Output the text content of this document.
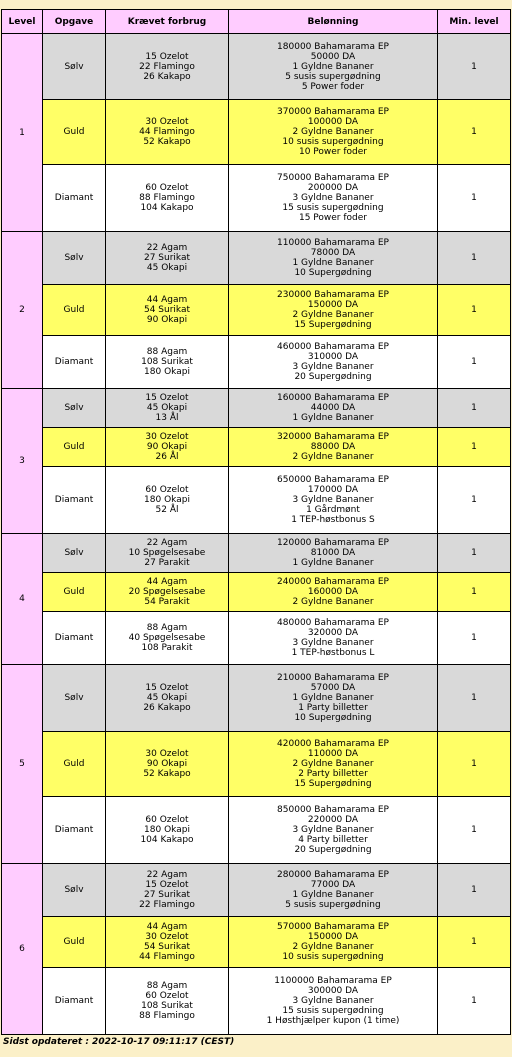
Level	Opgave	Krævet forbrug	Belønning	Min. level
1	Sølv	15 Ozelot
22 Flamingo
26 Kakapo	180000 Bahamarama EP
50000 DA
1 Gyldne Bananer
5 susis supergødning
5 Power foder	1
	Guld	30 Ozelot
44 Flamingo
52 Kakapo	370000 Bahamarama EP
100000 DA
2 Gyldne Bananer
10 susis supergødning
10 Power foder	1
	Diamant	60 Ozelot
88 Flamingo
104 Kakapo	750000 Bahamarama EP
200000 DA
3 Gyldne Bananer
15 susis supergødning
15 Power foder	1
2	Sølv	22 Agam
27 Surikat
45 Okapi	110000 Bahamarama EP
78000 DA
1 Gyldne Bananer
10 Supergødning	1
	Guld	44 Agam
54 Surikat
90 Okapi	230000 Bahamarama EP
150000 DA
2 Gyldne Bananer
15 Supergødning	1
	Diamant	88 Agam
108 Surikat
180 Okapi	460000 Bahamarama EP
310000 DA
3 Gyldne Bananer
20 Supergødning	1
3	Sølv	15 Ozelot
45 Okapi
13 Ål	160000 Bahamarama EP
44000 DA
1 Gyldne Bananer	1
	Guld	30 Ozelot
90 Okapi
26 Ål	320000 Bahamarama EP
88000 DA
2 Gyldne Bananer	1
	Diamant	60 Ozelot
180 Okapi
52 Ål	650000 Bahamarama EP
170000 DA
3 Gyldne Bananer
1 Gårdmønt
1 TEP-høstbonus S	1
4	Sølv	22 Agam
10 Spøgelsesabe
27 Parakit	120000 Bahamarama EP
81000 DA
1 Gyldne Bananer	1
	Guld	44 Agam
20 Spøgelsesabe
54 Parakit	240000 Bahamarama EP
160000 DA
2 Gyldne Bananer	1
	Diamant	88 Agam
40 Spøgelsesabe
108 Parakit	480000 Bahamarama EP
320000 DA
3 Gyldne Bananer
1 TEP-høstbonus L	1
5	Sølv	15 Ozelot
45 Okapi
26 Kakapo	210000 Bahamarama EP
57000 DA
1 Gyldne Bananer
1 Party billetter
10 Supergødning	1
	Guld	30 Ozelot
90 Okapi
52 Kakapo	420000 Bahamarama EP
110000 DA
2 Gyldne Bananer
2 Party billetter
15 Supergødning	1
	Diamant	60 Ozelot
180 Okapi
104 Kakapo	850000 Bahamarama EP
220000 DA
3 Gyldne Bananer
4 Party billetter
20 Supergødning	1
6	Sølv	22 Agam
15 Ozelot
27 Surikat
22 Flamingo	280000 Bahamarama EP
77000 DA
1 Gyldne Bananer
5 susis supergødning	1
	Guld	44 Agam
30 Ozelot
54 Surikat
44 Flamingo	570000 Bahamarama EP
150000 DA
2 Gyldne Bananer
10 susis supergødning	1
	Diamant	88 Agam
60 Ozelot
108 Surikat
88 Flamingo	1100000 Bahamarama EP
300000 DA
3 Gyldne Bananer
15 susis supergødning
1 Høsthjælper kupon (1 time)	1
Sidst opdateret : 2022-10-17 09:11:17 (CEST)
